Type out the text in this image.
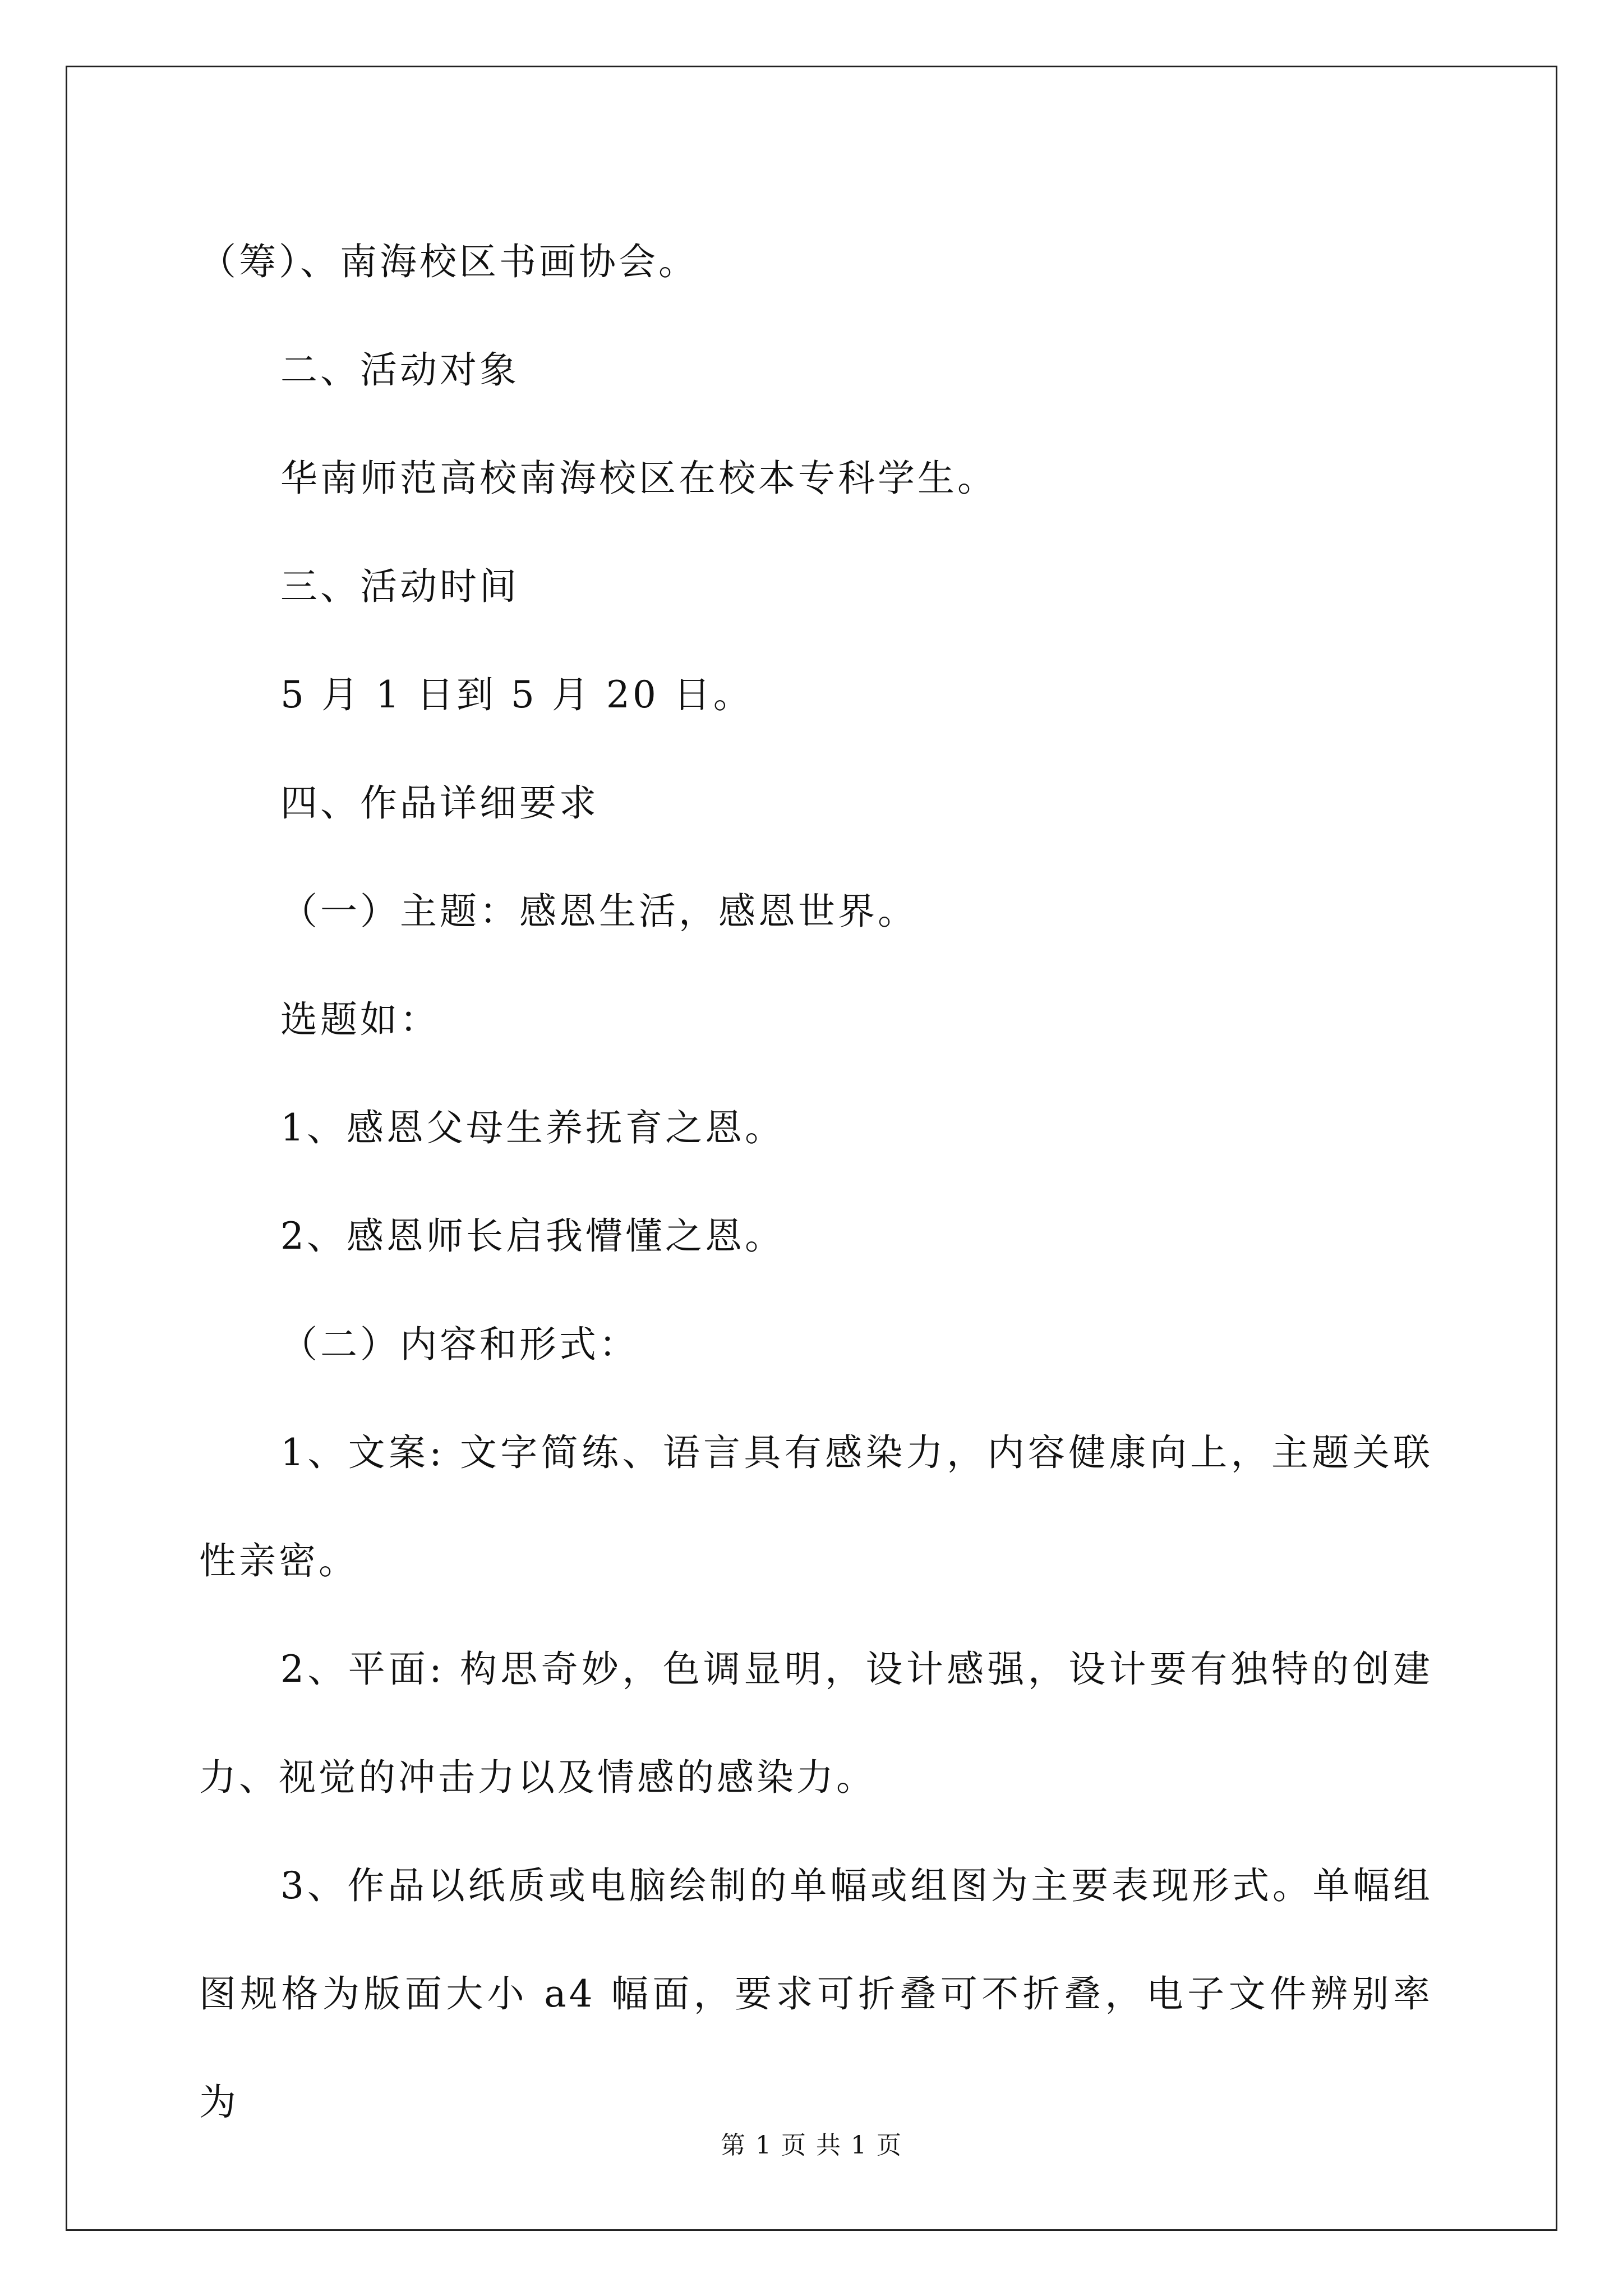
（筹）、南海校区书画协会。

二、活动对象

华南师范高校南海校区在校本专科学生。

三、活动时间

5 月 1 日到 5 月 20 日。

四、作品详细要求

（一）主题：感恩生活，感恩世界。

选题如：

1、感恩父母生养抚育之恩。

2、感恩师长启我懵懂之恩。

（二）内容和形式：

1、文案: 文字简练、语言具有感染力，内容健康向上，主题关联性亲密。

2、平面: 构思奇妙，色调显明，设计感强，设计要有独特的创建力、视觉的冲击力以及情感的感染力。

3、作品以纸质或电脑绘制的单幅或组图为主要表现形式。单幅组图规格为版面大小 a4 幅面，要求可折叠可不折叠，电子文件辨别率为

第 1 页 共 1 页
